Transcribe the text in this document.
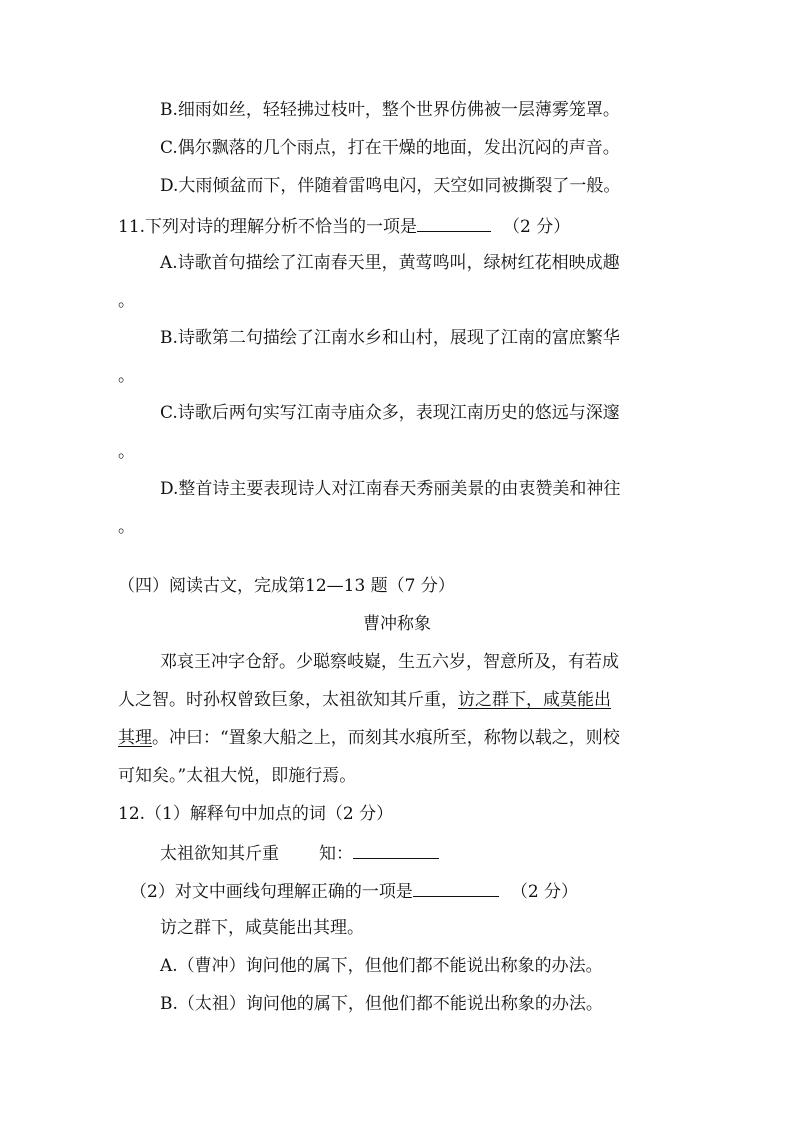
B.细雨如丝，轻轻拂过枝叶，整个世界仿佛被一层薄雾笼罩。
C.偶尔飘落的几个雨点，打在干燥的地面，发出沉闷的声音。
D.大雨倾盆而下，伴随着雷鸣电闪，天空如同被撕裂了一般。
11.下列对诗的理解分析不恰当的一项是	（2 分）
A.诗歌首句描绘了江南春天里，黄莺鸣叫，绿树红花相映成趣
。
B.诗歌第二句描绘了江南水乡和山村，展现了江南的富庶繁华
。
C.诗歌后两句实写江南寺庙众多，表现江南历史的悠远与深邃
。
D.整首诗主要表现诗人对江南春天秀丽美景的由衷赞美和神往
。
（四）阅读古文，完成第12—13 题（7 分）
曹冲称象
邓哀王冲字仓舒。少聪察岐嶷，生五六岁，智意所及，有若成
人之智。时孙权曾致巨象，太祖欲知其斤重，访之群下，咸莫能出
其理。冲曰：“置象大船之上，而刻其水痕所至，称物以载之，则校
可知矣。”太祖大悦，即施行焉。
12.（1）解释句中加点的词（2 分）
太祖欲知其斤重 知：
（2）对文中画线句理解正确的一项是	（2 分）
访之群下，咸莫能出其理。
A.（曹冲）询问他的属下，但他们都不能说出称象的办法。
B.（太祖）询问他的属下，但他们都不能说出称象的办法。
